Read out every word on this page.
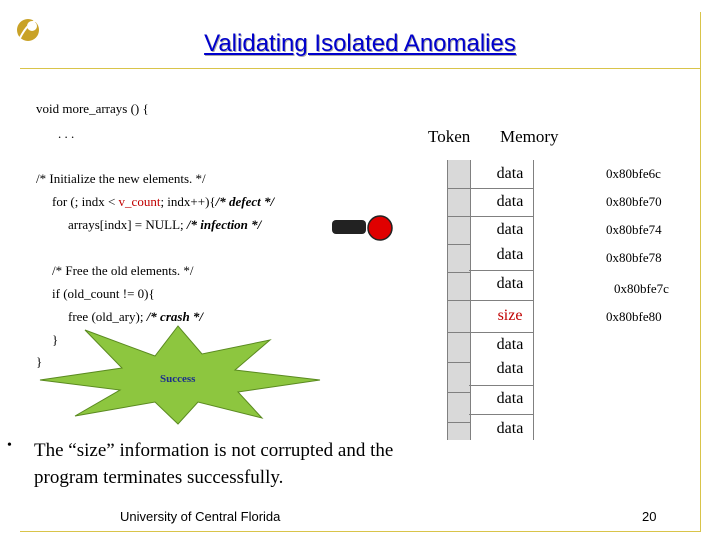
Validating Isolated Anomalies
void more_arrays () {
. . .
/* Initialize the new elements. */
for (; indx < v_count; indx++){/* defect */
arrays[indx] = NULL; /* infection */
/* Free the old elements. */
if (old_count != 0){
free (old_ary); /* crash */
}
}
Success
Token Memory
data
data
data
data
data
size
data
data
data
data
0x80bfe6c
0x80bfe70
0x80bfe74
0x80bfe78
0x80bfe7c
0x80bfe80
• The “size” information is not corrupted and the
program terminates successfully.
University of Central Florida	20
